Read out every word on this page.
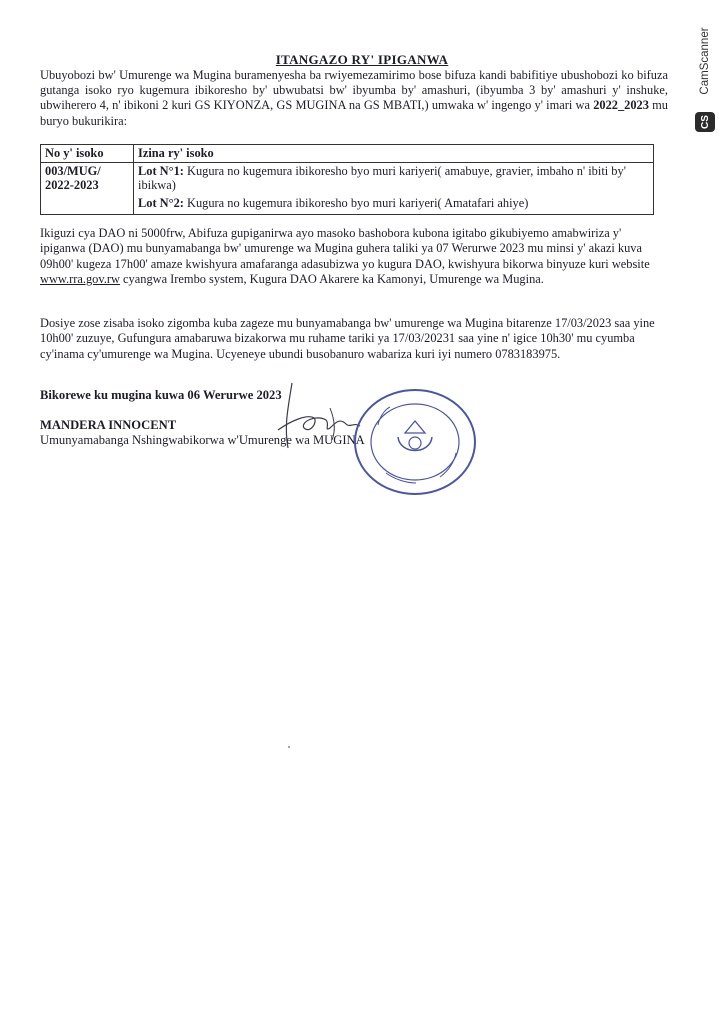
CamScanner
CS
ITANGAZO RY' IPIGANWA
Ubuyobozi bw' Umurenge wa Mugina buramenyesha ba rwiyemezamirimo bose bifuza kandi babifitiye ubushobozi ko bifuza gutanga isoko ryo kugemura ibikoresho by' ubwubatsi bw' ibyumba by' amashuri, (ibyumba 3 by' amashuri y' inshuke, ubwiherero 4, n' ibikoni 2 kuri GS KIYONZA, GS MUGINA na GS MBATI,) umwaka w' ingengo y' imari wa 2022_2023 mu buryo bukurikira:
No y' isoko	Izina ry' isoko
003/MUG/ 2022-2023	Lot N°1: Kugura no kugemura ibikoresho byo muri kariyeri( amabuye, gravier, imbaho n' ibiti by' ibikwa)
Lot N°2: Kugura no kugemura ibikoresho byo muri kariyeri( Amatafari ahiye)
Ikiguzi cya DAO ni 5000frw, Abifuza gupiganirwa ayo masoko bashobora kubona igitabo gikubiyemo amabwiriza y' ipiganwa (DAO) mu bunyamabanga bw' umurenge wa Mugina guhera taliki ya 07 Werurwe 2023 mu minsi y' akazi kuva 09h00' kugeza 17h00' amaze kwishyura amafaranga adasubizwa yo kugura DAO, kwishyura bikorwa binyuze kuri website www.rra.gov.rw cyangwa Irembo system, Kugura DAO Akarere ka Kamonyi, Umurenge wa Mugina.
Dosiye zose zisaba isoko zigomba kuba zageze mu bunyamabanga bw' umurenge wa Mugina bitarenze 17/03/2023 saa yine 10h00' zuzuye, Gufungura amabaruwa bizakorwa mu ruhame tariki ya 17/03/20231 saa yine n' igice 10h30' mu cyumba cy'inama cy'umurenge wa Mugina. Ucyeneye ubundi busobanuro wabariza kuri iyi numero 0783183975.
Bikorewe ku mugina kuwa 06 Werurwe 2023
MANDERA INNOCENT
Umunyamabanga Nshingwabikorwa w'Umurenge wa MUGINA
